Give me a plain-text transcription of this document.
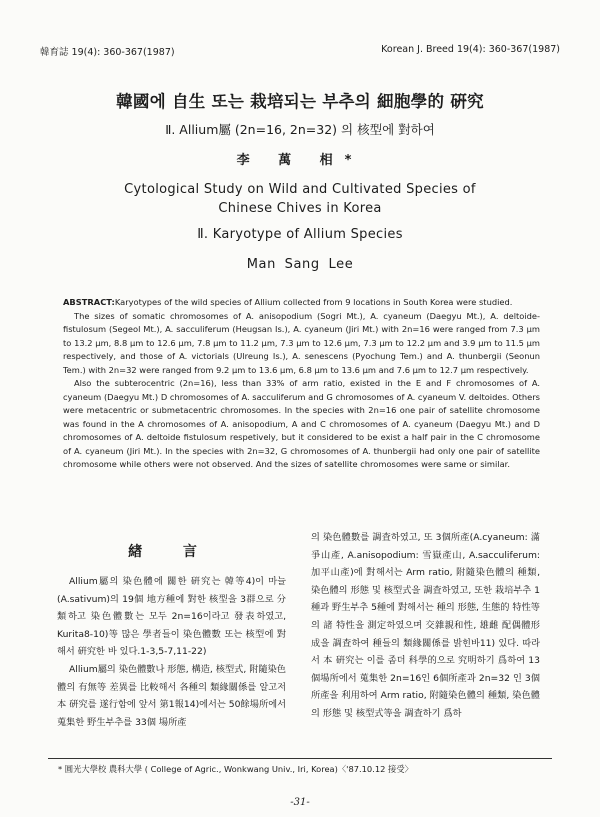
韓育誌 19(4): 360-367(1987)	Korean J. Breed 19(4): 360-367(1987)
韓國에 自生 또는 栽培되는 부추의 細胞學的 硏究
Ⅱ. Allium屬 (2n=16, 2n=32) 의 核型에 對하여
李 萬 相*
Cytological Study on Wild and Cultivated Species of Chinese Chives in Korea
Ⅱ. Karyotype of Allium Species
Man Sang Lee

ABSTRACT:Karyotypes of the wild species of Allium collected from 9 locations in South Korea were studied.

The sizes of somatic chromosomes of A. anisopodium (Sogri Mt.), A. cyaneum (Daegyu Mt.), A. deltoide-fistulosum (Segeol Mt.), A. sacculiferum (Heugsan Is.), A. cyaneum (Jiri Mt.) with 2n=16 were ranged from 7.3 μm to 13.2 μm, 8.8 μm to 12.6 μm, 7.8 μm to 11.2 μm, 7.3 μm to 12.6 μm, 7.3 μm to 12.2 μm and 3.9 μm to 11.5 μm respectively, and those of A. victorials (Ulreung Is.), A. senescens (Pyochung Tem.) and A. thunbergii (Seonun Tem.) with 2n=32 were ranged from 9.2 μm to 13.6 μm, 6.8 μm to 13.6 μm and 7.6 μm to 12.7 μm respectively.

Also the subterocentric (2n=16), less than 33% of arm ratio, existed in the E and F chromosomes of A. cyaneum (Daegyu Mt.) D chromosomes of A. sacculiferum and G chromosomes of A. cyaneum V. deltoides. Others were metacentric or submetacentric chromosomes. In the species with 2n=16 one pair of satellite chromosome was found in the A chromosomes of A. anisopodium, A and C chromosomes of A. cyaneum (Daegyu Mt.) and D chromosomes of A. deltoide fistulosum respetively, but it considered to be exist a half pair in the C chromosome of A. cyaneum (Jiri Mt.). In the species with 2n=32, G chromosomes of A. thunbergii had only one pair of satellite chromosome while others were not observed. And the sizes of satellite chromosomes were same or similar.

緖 言

Allium屬의 染色體에 關한 硏究는 韓等4)이 마늘 (A.sativum)의 19個 地方種에 對한 核型을 3群으로 分類하고 染色體數는 모두 2n=16이라고 發表하였고, Kurita8-10)等 많은 學者들이 染色體數 또는 核型에 對해서 硏究한 바 있다.1-3,5-7,11-22)

Allium屬의 染色體數나 形態, 構造, 核型式, 附隨染色體의 有無等 差異를 比較해서 各種의 類緣關係를 알고저 本 硏究를 遂行함에 앞서 第1報14)에서는 50餘場所에서 蒐集한 野生부추를 33個 場所產

의 染色體數를 調査하였고, 또 3個所產(A.cyaneum: 滿爭山產, A.anisopodium: 雪嶽產山, A.sacculiferum: 加平山產)에 對해서는 Arm ratio, 附隨染色體의 種類, 染色體의 形態 및 核型式을 調査하였고, 또한 栽培부추 1種과 野生부추 5種에 對해서는 種의 形態, 生態的 特性等의 諸 特性을 測定하였으며 交雜親和性, 雄雌 配偶體形成을 調査하여 種들의 類緣關係를 밝힌바11) 있다. 따라서 本 硏究는 이를 좀더 科學的으로 究明하기 爲하여 13 個場所에서 蒐集한 2n=16인 6個所產과 2n=32 인 3個所產을 利用하여 Arm ratio, 附隨染色體의 種類, 染色體의 形態 및 核型式等을 調査하기 爲하

* 圓光大學校 農科大學 ( College of Agric., Wonkwang Univ., Iri, Korea)〈'87.10.12 接受〉
-31-
